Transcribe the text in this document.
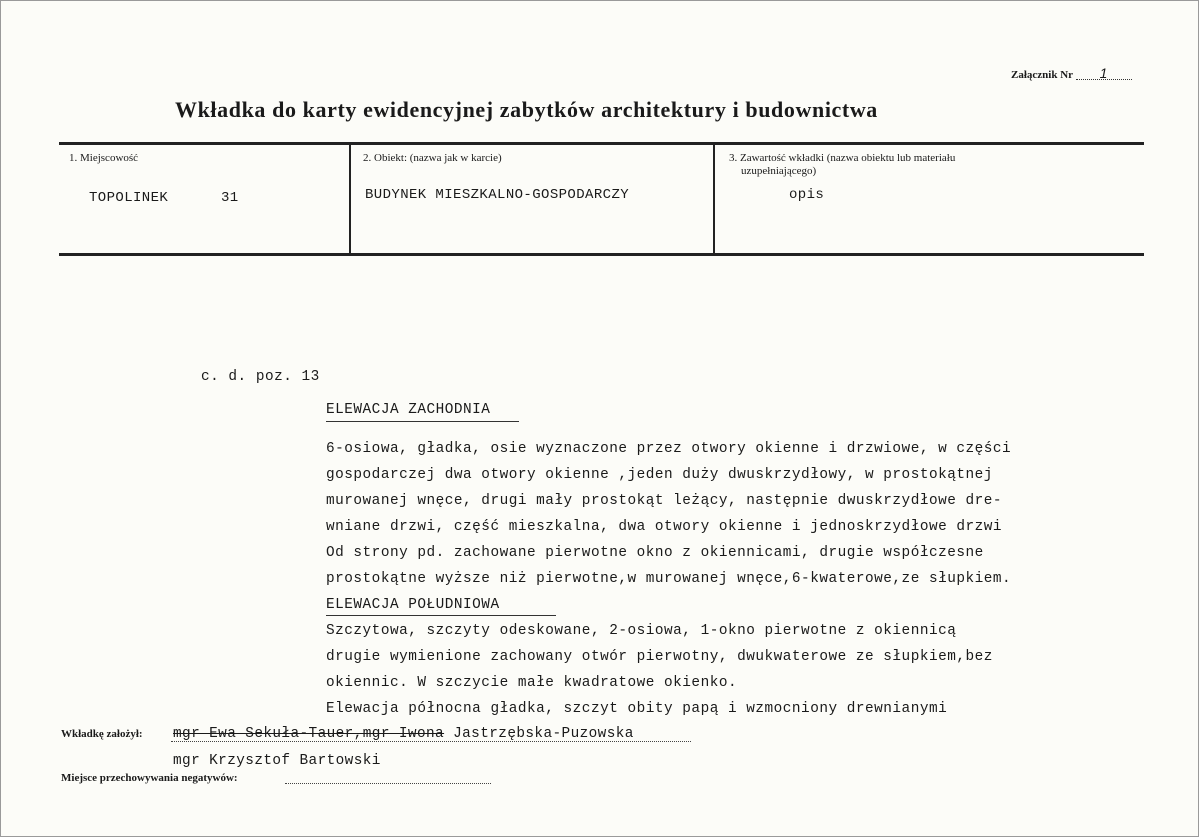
Załącznik Nr 1
Wkładka do karty ewidencyjnej zabytków architektury i budownictwa
1. Miejscowość
TOPOLINEK	31
2. Obiekt: (nazwa jak w karcie)
BUDYNEK MIESZKALNO-GOSPODARCZY
3. Zawartość wkładki (nazwa obiektu lub materiału
uzupełniającego)
opis
c. d. poz. 13
ELEWACJA ZACHODNIA
6-osiowa, gładka, osie wyznaczone przez otwory okienne i drzwiowe, w części
gospodarczej dwa otwory okienne ,jeden duży dwuskrzydłowy, w prostokątnej
murowanej wnęce, drugi mały prostokąt leżący, następnie dwuskrzydłowe dre-
wniane drzwi, część mieszkalna, dwa otwory okienne i jednoskrzydłowe drzwi
Od strony pd. zachowane pierwotne okno z okiennicami, drugie współczesne
prostokątne wyższe niż pierwotne,w murowanej wnęce,6-kwaterowe,ze słupkiem.
ELEWACJA POŁUDNIOWA
Szczytowa, szczyty odeskowane, 2-osiowa, 1-okno pierwotne z okiennicą
drugie wymienione zachowany otwór pierwotny, dwukwaterowe ze słupkiem,bez
okiennic. W szczycie małe kwadratowe okienko.
Elewacja północna gładka, szczyt obity papą i wzmocniony drewnianymi
Wkładkę założył: mgr Ewa Sekuła-Tauer,mgr Iwona Jastrzębska-Puzowska
mgr Krzysztof Bartowski
Miejsce przechowywania negatywów:
